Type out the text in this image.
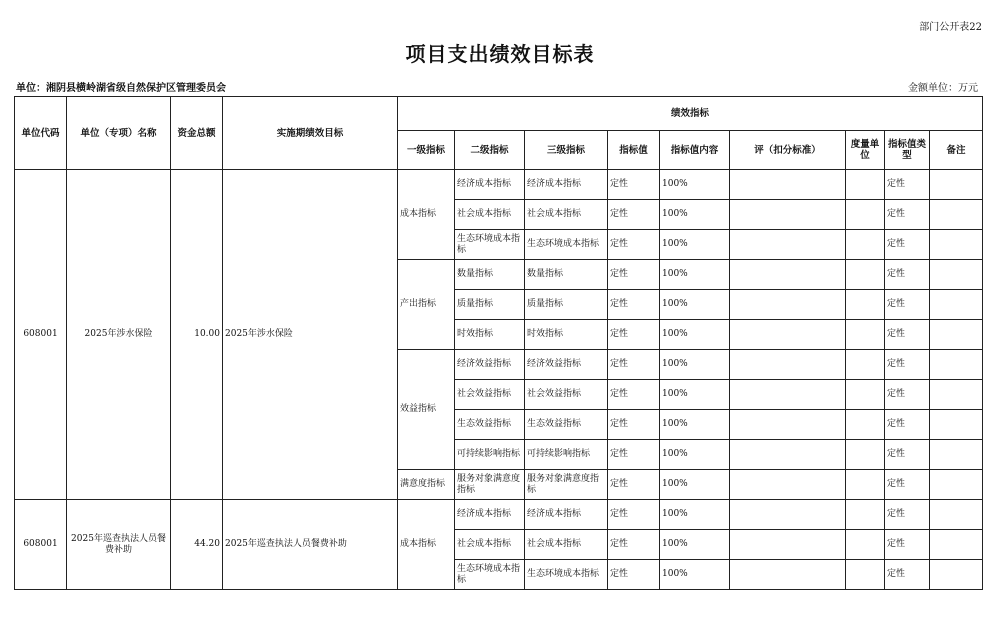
部门公开表22
项目支出绩效目标表
单位：湘阴县横岭湖省级自然保护区管理委员会	金额单位：万元
单位代码	单位（专项）名称	资金总额	实施期绩效目标	绩效指标								
				一级指标	二级指标	三级指标	指标值	指标值内容	评（扣分标准）	度量单位	指标值类型	备注
608001	2025年涉水保险	10.00	2025年涉水保险	成本指标	经济成本指标	经济成本指标	定性	100%			定性	
					社会成本指标	社会成本指标	定性	100%			定性	
					生态环境成本指标	生态环境成本指标	定性	100%			定性	
				产出指标	数量指标	数量指标	定性	100%			定性	
					质量指标	质量指标	定性	100%			定性	
					时效指标	时效指标	定性	100%			定性	
				效益指标	经济效益指标	经济效益指标	定性	100%			定性	
					社会效益指标	社会效益指标	定性	100%			定性	
					生态效益指标	生态效益指标	定性	100%			定性	
					可持续影响指标	可持续影响指标	定性	100%			定性	
				满意度指标	服务对象满意度指标	服务对象满意度指标	定性	100%			定性	
608001	2025年巡查执法人员餐费补助	44.20	2025年巡查执法人员餐费补助	成本指标	经济成本指标	经济成本指标	定性	100%			定性	
					社会成本指标	社会成本指标	定性	100%			定性	
					生态环境成本指标	生态环境成本指标	定性	100%			定性	
